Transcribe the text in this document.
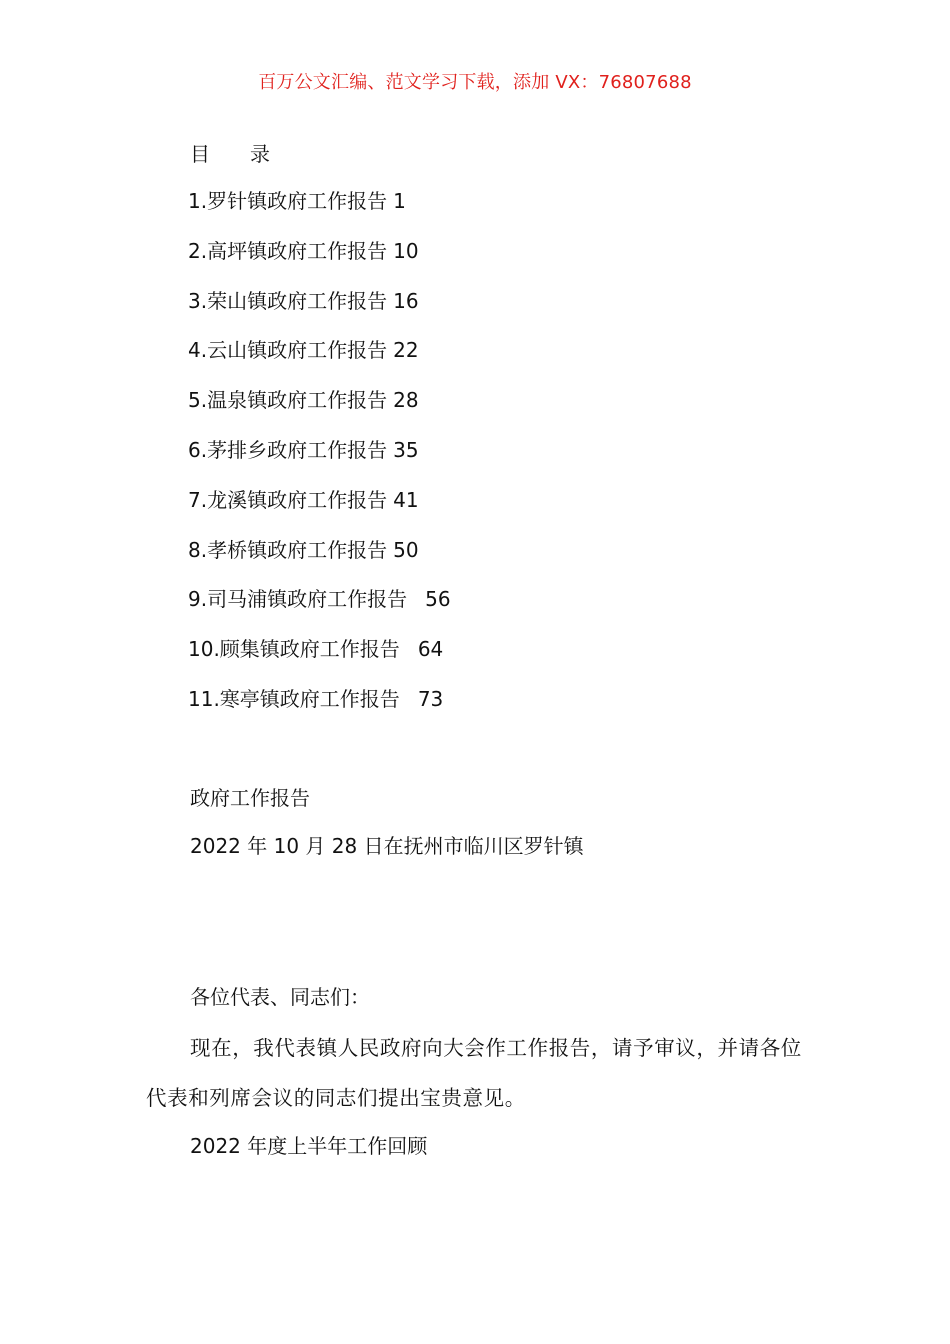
百万公文汇编、范文学习下载，添加 VX：76807688
目　　录
1.罗针镇政府工作报告 1
2.高坪镇政府工作报告 10
3.荣山镇政府工作报告 16
4.云山镇政府工作报告 22
5.温泉镇政府工作报告 28
6.茅排乡政府工作报告 35
7.龙溪镇政府工作报告 41
8.孝桥镇政府工作报告 50
9.司马浦镇政府工作报告 56
10.顾集镇政府工作报告 64
11.寒亭镇政府工作报告 73
政府工作报告
2022 年 10 月 28 日在抚州市临川区罗针镇
各位代表、同志们：
现在，我代表镇人民政府向大会作工作报告，请予审议，并请各位代表和列席会议的同志们提出宝贵意见。
2022 年度上半年工作回顾
